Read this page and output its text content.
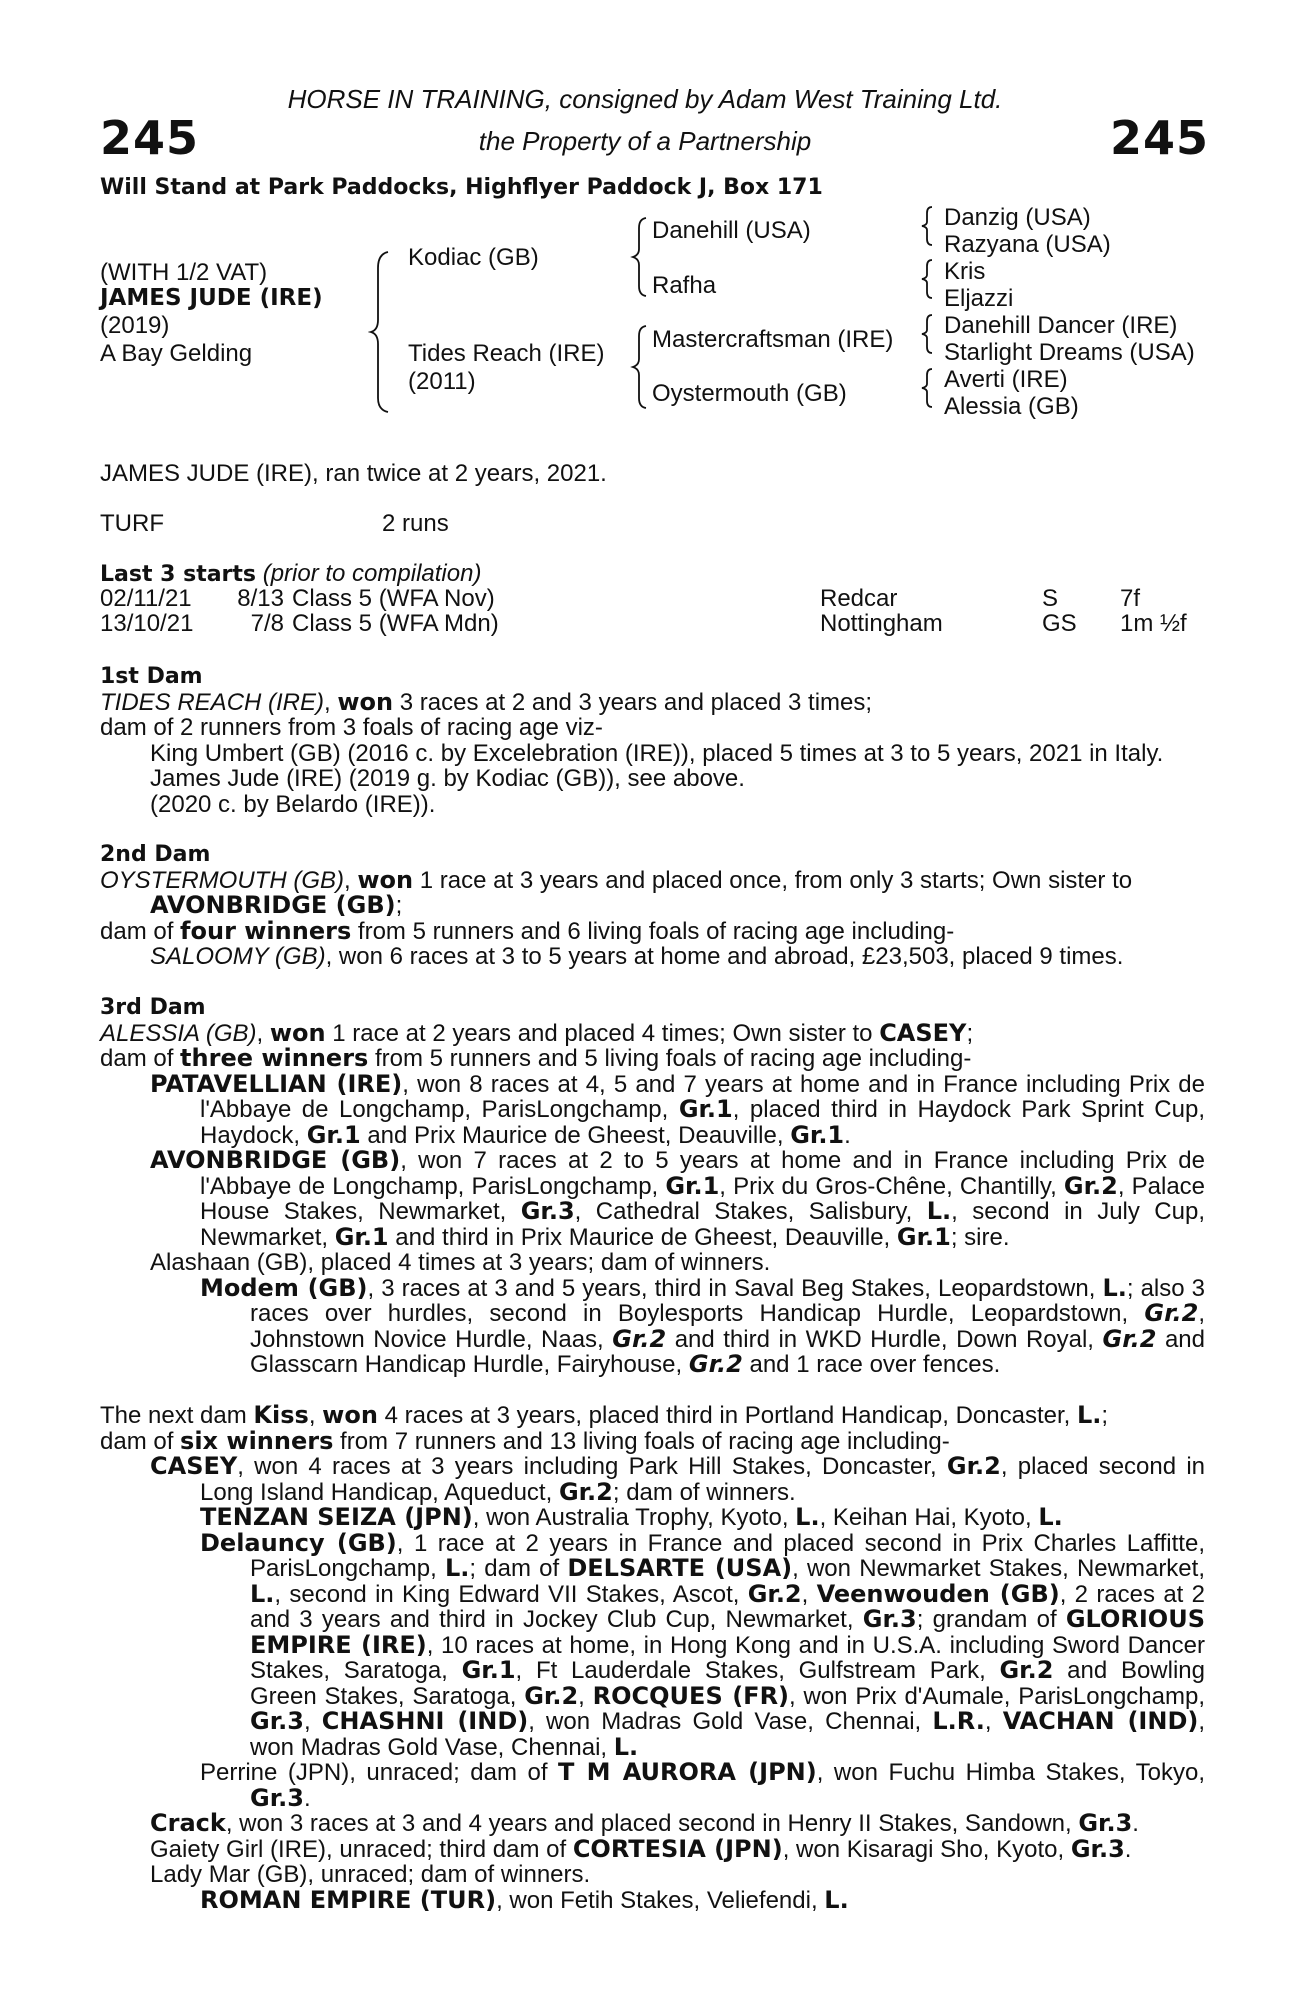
245	245
HORSE IN TRAINING, consigned by Adam West Training Ltd.
the Property of a Partnership
Will Stand at Park Paddocks, Highflyer Paddock J, Box 171
(WITH 1/2 VAT)
JAMES JUDE (IRE)
(2019)
A Bay Gelding
Kodiac (GB)
Tides Reach (IRE)
(2011)
Danehill (USA)
Rafha
Mastercraftsman (IRE)
Oystermouth (GB)
Danzig (USA)
Razyana (USA)
Kris
Eljazzi
Danehill Dancer (IRE)
Starlight Dreams (USA)
Averti (IRE)
Alessia (GB)
JAMES JUDE (IRE), ran twice at 2 years, 2021.
TURF	2 runs
Last 3 starts (prior to compilation)
02/11/21	8/13 Class 5 (WFA Nov)	Redcar	S	7f
13/10/21	7/8 Class 5 (WFA Mdn)	Nottingham	GS 1m ½f

1st Dam

TIDES REACH (IRE), won 3 races at 2 and 3 years and placed 3 times;

dam of 2 runners from 3 foals of racing age viz-

King Umbert (GB) (2016 c. by Excelebration (IRE)), placed 5 times at 3 to 5 years, 2021 in Italy.

James Jude (IRE) (2019 g. by Kodiac (GB)), see above.

(2020 c. by Belardo (IRE)).

2nd Dam

OYSTERMOUTH (GB), won 1 race at 3 years and placed once, from only 3 starts; Own sister to

AVONBRIDGE (GB);

dam of four winners from 5 runners and 6 living foals of racing age including-

SALOOMY (GB), won 6 races at 3 to 5 years at home and abroad, £23,503, placed 9 times.

3rd Dam

ALESSIA (GB), won 1 race at 2 years and placed 4 times; Own sister to CASEY;

dam of three winners from 5 runners and 5 living foals of racing age including-

PATAVELLIAN (IRE), won 8 races at 4, 5 and 7 years at home and in France including Prix de l'Abbaye de Longchamp, ParisLongchamp, Gr.1, placed third in Haydock Park Sprint Cup, Haydock, Gr.1 and Prix Maurice de Gheest, Deauville, Gr.1.

AVONBRIDGE (GB), won 7 races at 2 to 5 years at home and in France including Prix de l'Abbaye de Longchamp, ParisLongchamp, Gr.1, Prix du Gros-Chêne, Chantilly, Gr.2, Palace House Stakes, Newmarket, Gr.3, Cathedral Stakes, Salisbury, L., second in July Cup, Newmarket, Gr.1 and third in Prix Maurice de Gheest, Deauville, Gr.1; sire.

Alashaan (GB), placed 4 times at 3 years; dam of winners.

Modem (GB), 3 races at 3 and 5 years, third in Saval Beg Stakes, Leopardstown, L.; also 3 races over hurdles, second in Boylesports Handicap Hurdle, Leopardstown, Gr.2, Johnstown Novice Hurdle, Naas, Gr.2 and third in WKD Hurdle, Down Royal, Gr.2 and Glasscarn Handicap Hurdle, Fairyhouse, Gr.2 and 1 race over fences.

The next dam Kiss, won 4 races at 3 years, placed third in Portland Handicap, Doncaster, L.;

dam of six winners from 7 runners and 13 living foals of racing age including-

CASEY, won 4 races at 3 years including Park Hill Stakes, Doncaster, Gr.2, placed second in Long Island Handicap, Aqueduct, Gr.2; dam of winners.

TENZAN SEIZA (JPN), won Australia Trophy, Kyoto, L., Keihan Hai, Kyoto, L.

Delauncy (GB), 1 race at 2 years in France and placed second in Prix Charles Laffitte, ParisLongchamp, L.; dam of DELSARTE (USA), won Newmarket Stakes, Newmarket, L., second in King Edward VII Stakes, Ascot, Gr.2, Veenwouden (GB), 2 races at 2 and 3 years and third in Jockey Club Cup, Newmarket, Gr.3; grandam of GLORIOUS EMPIRE (IRE), 10 races at home, in Hong Kong and in U.S.A. including Sword Dancer Stakes, Saratoga, Gr.1, Ft Lauderdale Stakes, Gulfstream Park, Gr.2 and Bowling Green Stakes, Saratoga, Gr.2, ROCQUES (FR), won Prix d'Aumale, ParisLongchamp, Gr.3, CHASHNI (IND), won Madras Gold Vase, Chennai, L.R., VACHAN (IND), won Madras Gold Vase, Chennai, L.

Perrine (JPN), unraced; dam of T M AURORA (JPN), won Fuchu Himba Stakes, Tokyo, Gr.3.

Crack, won 3 races at 3 and 4 years and placed second in Henry II Stakes, Sandown, Gr.3.

Gaiety Girl (IRE), unraced; third dam of CORTESIA (JPN), won Kisaragi Sho, Kyoto, Gr.3.

Lady Mar (GB), unraced; dam of winners.

ROMAN EMPIRE (TUR), won Fetih Stakes, Veliefendi, L.
